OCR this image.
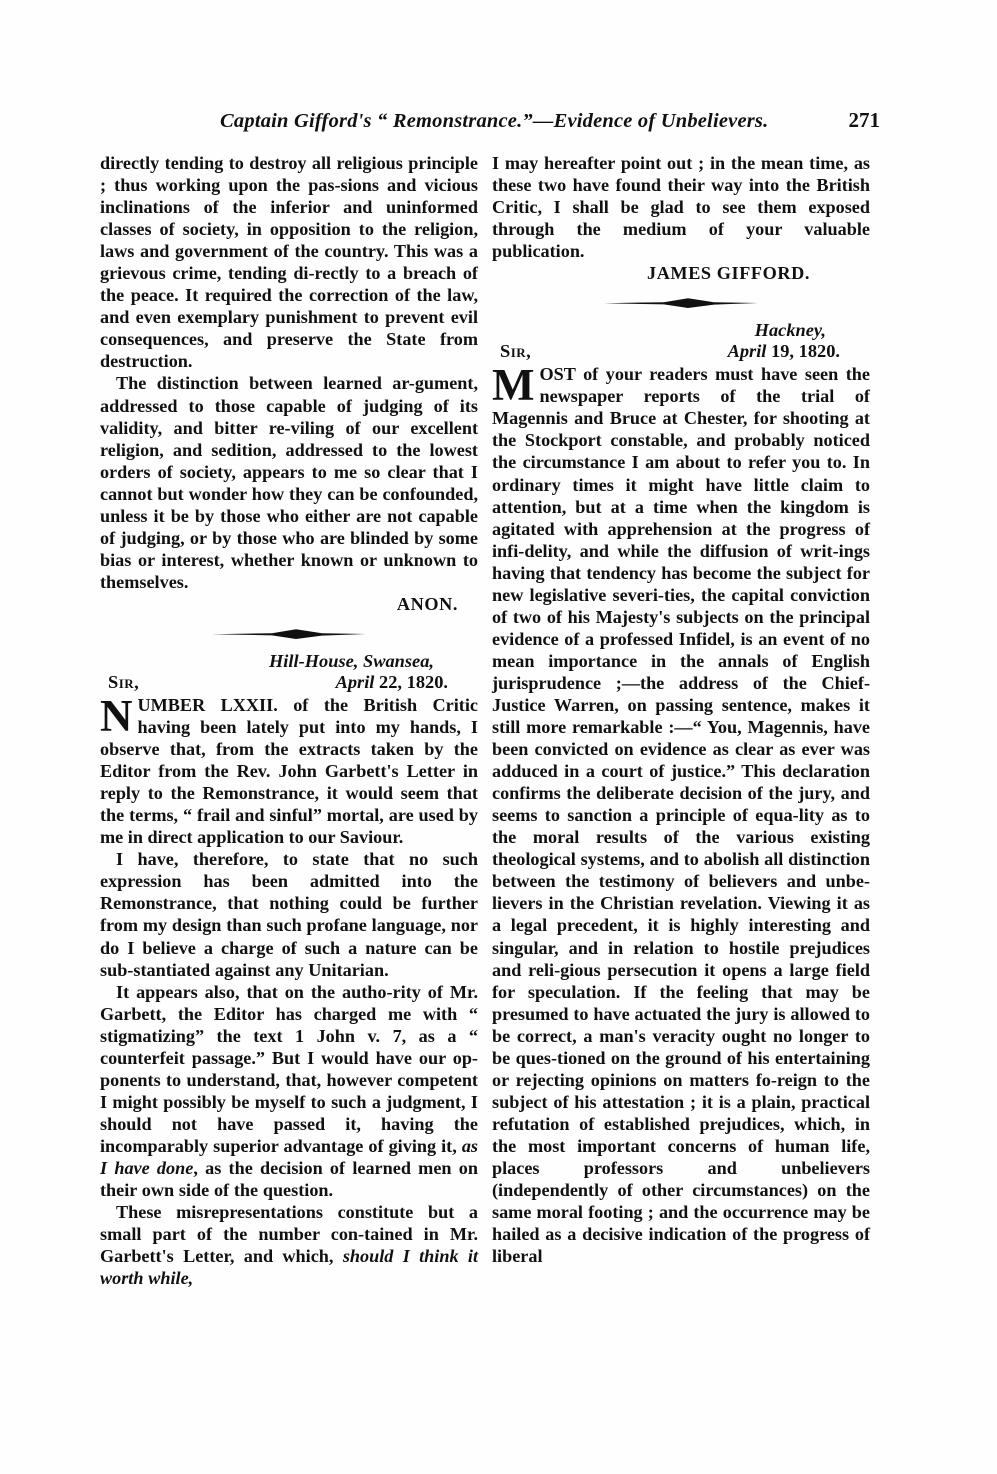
Captain Gifford's “ Remonstrance.”—Evidence of Unbelievers.	271

directly tending to destroy all religious principle ; thus working upon the pas-sions and vicious inclinations of the inferior and uninformed classes of society, in opposition to the religion, laws and government of the country. This was a grievous crime, tending di-rectly to a breach of the peace. It required the correction of the law, and even exemplary punishment to prevent evil consequences, and preserve the State from destruction.

The distinction between learned ar-gument, addressed to those capable of judging of its validity, and bitter re-viling of our excellent religion, and sedition, addressed to the lowest orders of society, appears to me so clear that I cannot but wonder how they can be confounded, unless it be by those who either are not capable of judging, or by those who are blinded by some bias or interest, whether known or unknown to themselves.

ANON.

Hill-House, Swansea,
Sir,	April 22, 1820.

NUMBER LXXII. of the British Critic having been lately put into my hands, I observe that, from the extracts taken by the Editor from the Rev. John Garbett's Letter in reply to the Remonstrance, it would seem that the terms, “ frail and sinful” mortal, are used by me in direct application to our Saviour.

I have, therefore, to state that no such expression has been admitted into the Remonstrance, that nothing could be further from my design than such profane language, nor do I believe a charge of such a nature can be sub-stantiated against any Unitarian.

It appears also, that on the autho-rity of Mr. Garbett, the Editor has charged me with “ stigmatizing” the text 1 John v. 7, as a “ counterfeit passage.” But I would have our op-ponents to understand, that, however competent I might possibly be myself to such a judgment, I should not have passed it, having the incomparably superior advantage of giving it, as I have done, as the decision of learned men on their own side of the question.

These misrepresentations constitute but a small part of the number con-tained in Mr. Garbett's Letter, and which, should I think it worth while,

I may hereafter point out ; in the mean time, as these two have found their way into the British Critic, I shall be glad to see them exposed through the medium of your valuable publication.

JAMES GIFFORD.

Hackney,
Sir,	April 19, 1820.

MOST of your readers must have seen the newspaper reports of the trial of Magennis and Bruce at Chester, for shooting at the Stockport constable, and probably noticed the circumstance I am about to refer you to. In ordinary times it might have little claim to attention, but at a time when the kingdom is agitated with apprehension at the progress of infi-delity, and while the diffusion of writ-ings having that tendency has become the subject for new legislative severi-ties, the capital conviction of two of his Majesty's subjects on the principal evidence of a professed Infidel, is an event of no mean importance in the annals of English jurisprudence ;—the address of the Chief-Justice Warren, on passing sentence, makes it still more remarkable :—“ You, Magennis, have been convicted on evidence as clear as ever was adduced in a court of justice.” This declaration confirms the deliberate decision of the jury, and seems to sanction a principle of equa-lity as to the moral results of the various existing theological systems, and to abolish all distinction between the testimony of believers and unbe-lievers in the Christian revelation. Viewing it as a legal precedent, it is highly interesting and singular, and in relation to hostile prejudices and reli-gious persecution it opens a large field for speculation. If the feeling that may be presumed to have actuated the jury is allowed to be correct, a man's veracity ought no longer to be ques-tioned on the ground of his entertaining or rejecting opinions on matters fo-reign to the subject of his attestation ; it is a plain, practical refutation of established prejudices, which, in the most important concerns of human life, places professors and unbelievers (independently of other circumstances) on the same moral footing ; and the occurrence may be hailed as a decisive indication of the progress of liberal
